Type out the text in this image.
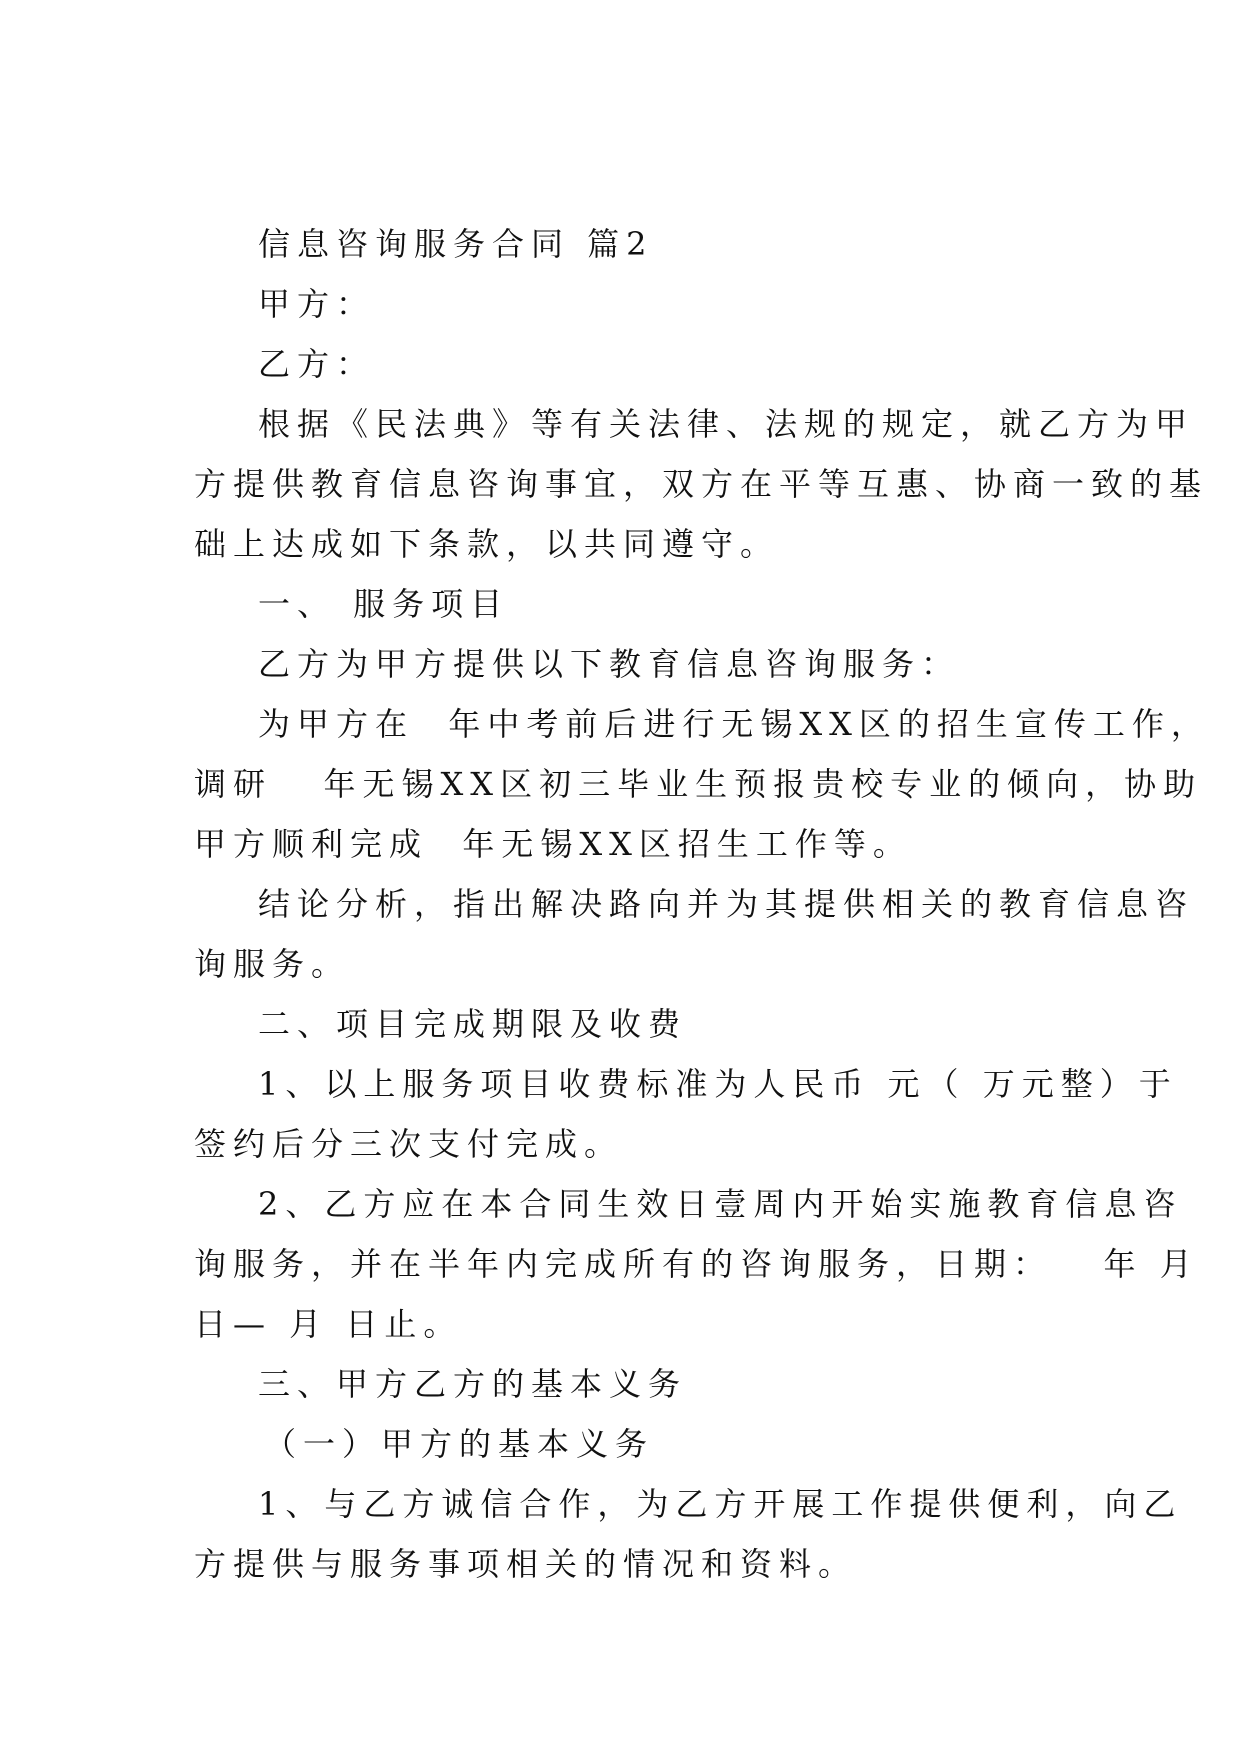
信息咨询服务合同 篇2
甲方：
乙方：
根据《民法典》等有关法律、法规的规定，就乙方为甲
方提供教育信息咨询事宜，双方在平等互惠、协商一致的基
础上达成如下条款，以共同遵守。
一、 服务项目
乙方为甲方提供以下教育信息咨询服务：
为甲方在  年中考前后进行无锡XX区的招生宣传工作，
调研   年无锡XX区初三毕业生预报贵校专业的倾向，协助
甲方顺利完成  年无锡XX区招生工作等。
结论分析，指出解决路向并为其提供相关的教育信息咨
询服务。
二、项目完成期限及收费
1、以上服务项目收费标准为人民币 元（ 万元整）于
签约后分三次支付完成。
2、乙方应在本合同生效日壹周内开始实施教育信息咨
询服务，并在半年内完成所有的咨询服务，日期：   年 月
日— 月 日止。
三、甲方乙方的基本义务
（一）甲方的基本义务
1、与乙方诚信合作，为乙方开展工作提供便利，向乙
方提供与服务事项相关的情况和资料。
